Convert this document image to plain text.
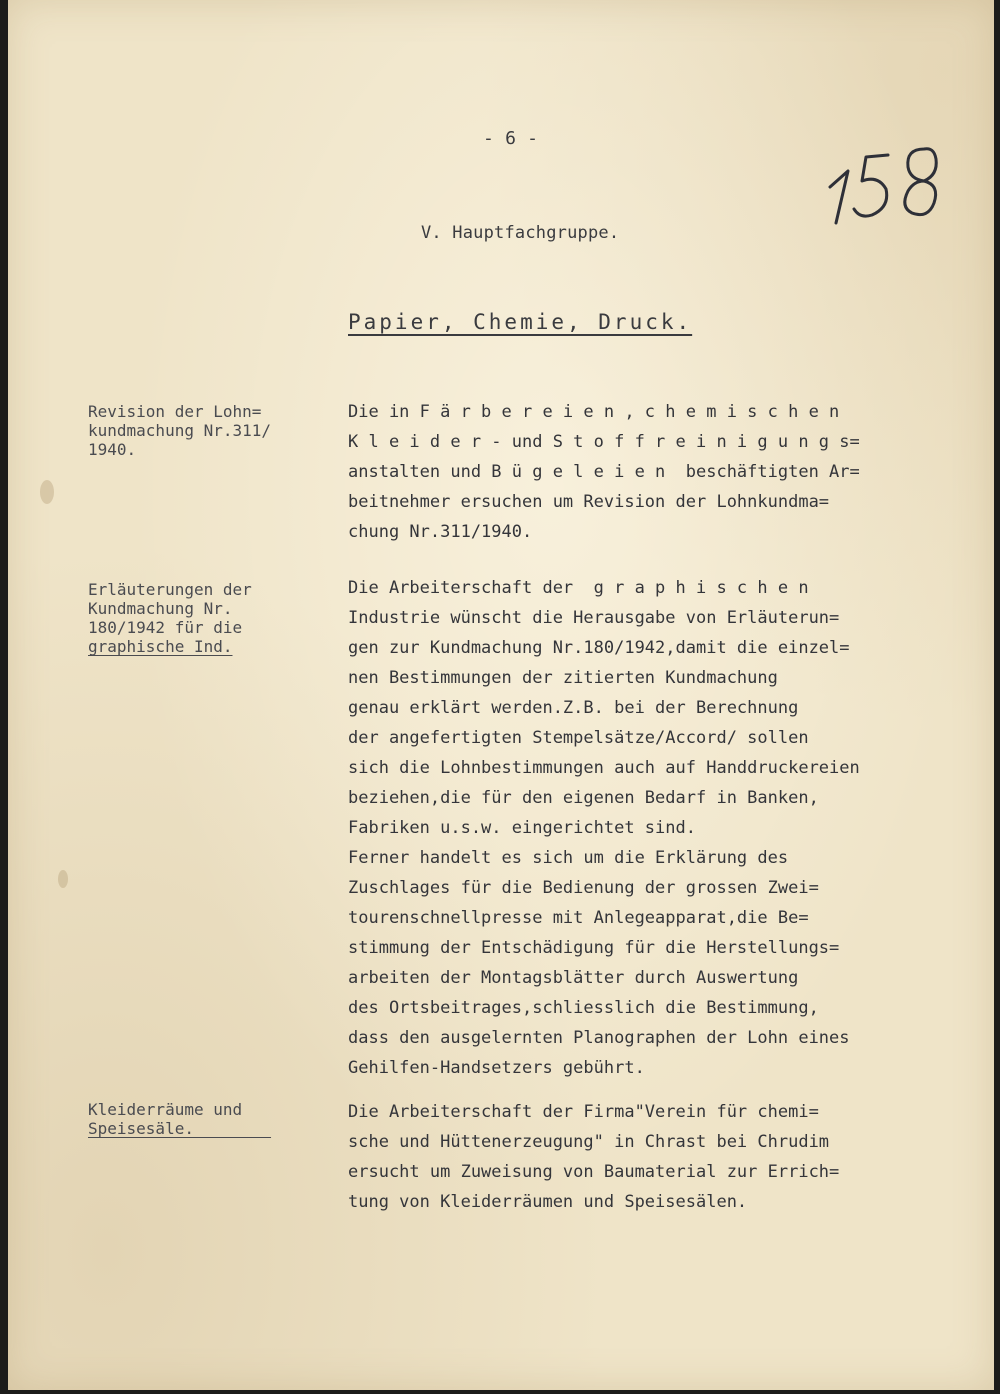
- 6 -

V. Hauptfachgruppe.

Papier, Chemie, Druck.

Revision der Lohn=
kundmachung Nr.311/
1940.
Die in F ä r b e r e i e n , c h e m i s c h e n
K l e i d e r - und S t o f f r e i n i g u n g s=
anstalten und B ü g e l e i e n  beschäftigten Ar=
beitnehmer ersuchen um Revision der Lohnkundma=
chung Nr.311/1940.
Erläuterungen der
Kundmachung Nr.
180/1942 für die
graphische Ind.
Die Arbeiterschaft der  g r a p h i s c h e n
Industrie wünscht die Herausgabe von Erläuterun=
gen zur Kundmachung Nr.180/1942,damit die einzel=
nen Bestimmungen der zitierten Kundmachung
genau erklärt werden.Z.B. bei der Berechnung
der angefertigten Stempelsätze/Accord/ sollen
sich die Lohnbestimmungen auch auf Handdruckereien
beziehen,die für den eigenen Bedarf in Banken,
Fabriken u.s.w. eingerichtet sind.
Ferner handelt es sich um die Erklärung des
Zuschlages für die Bedienung der grossen Zwei=
tourenschnellpresse mit Anlegeapparat,die Be=
stimmung der Entschädigung für die Herstellungs=
arbeiten der Montagsblätter durch Auswertung
des Ortsbeitrages,schliesslich die Bestimmung,
dass den ausgelernten Planographen der Lohn eines
Gehilfen-Handsetzers gebührt.
Kleiderräume und
Speisesäle. _ _ _ _
Die Arbeiterschaft der Firma"Verein für chemi=
sche und Hüttenerzeugung" in Chrast bei Chrudim
ersucht um Zuweisung von Baumaterial zur Errich=
tung von Kleiderräumen und Speisesälen.
